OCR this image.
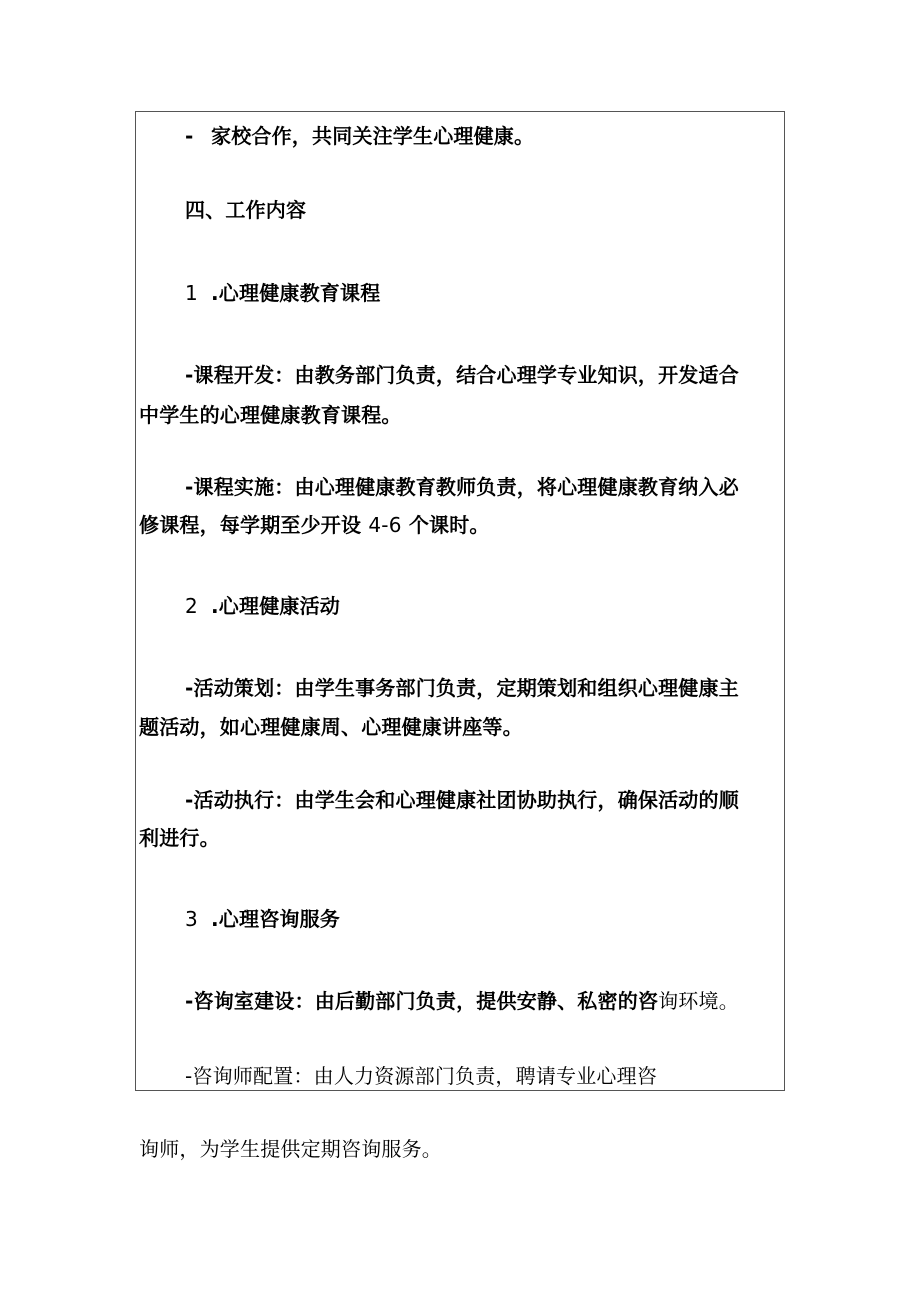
- 家校合作，共同关注学生心理健康。
四、工作内容
1 .心理健康教育课程
-课程开发：由教务部门负责，结合心理学专业知识，开发适合
中学生的心理健康教育课程。
-课程实施：由心理健康教育教师负责，将心理健康教育纳入必
修课程，每学期至少开设 4-6 个课时。
2 .心理健康活动
-活动策划：由学生事务部门负责，定期策划和组织心理健康主
题活动，如心理健康周、心理健康讲座等。
-活动执行：由学生会和心理健康社团协助执行，确保活动的顺
利进行。
3 .心理咨询服务
-咨询室建设：由后勤部门负责，提供安静、私密的咨询环境。
-咨询师配置：由人力资源部门负责，聘请专业心理咨
询师，为学生提供定期咨询服务。
